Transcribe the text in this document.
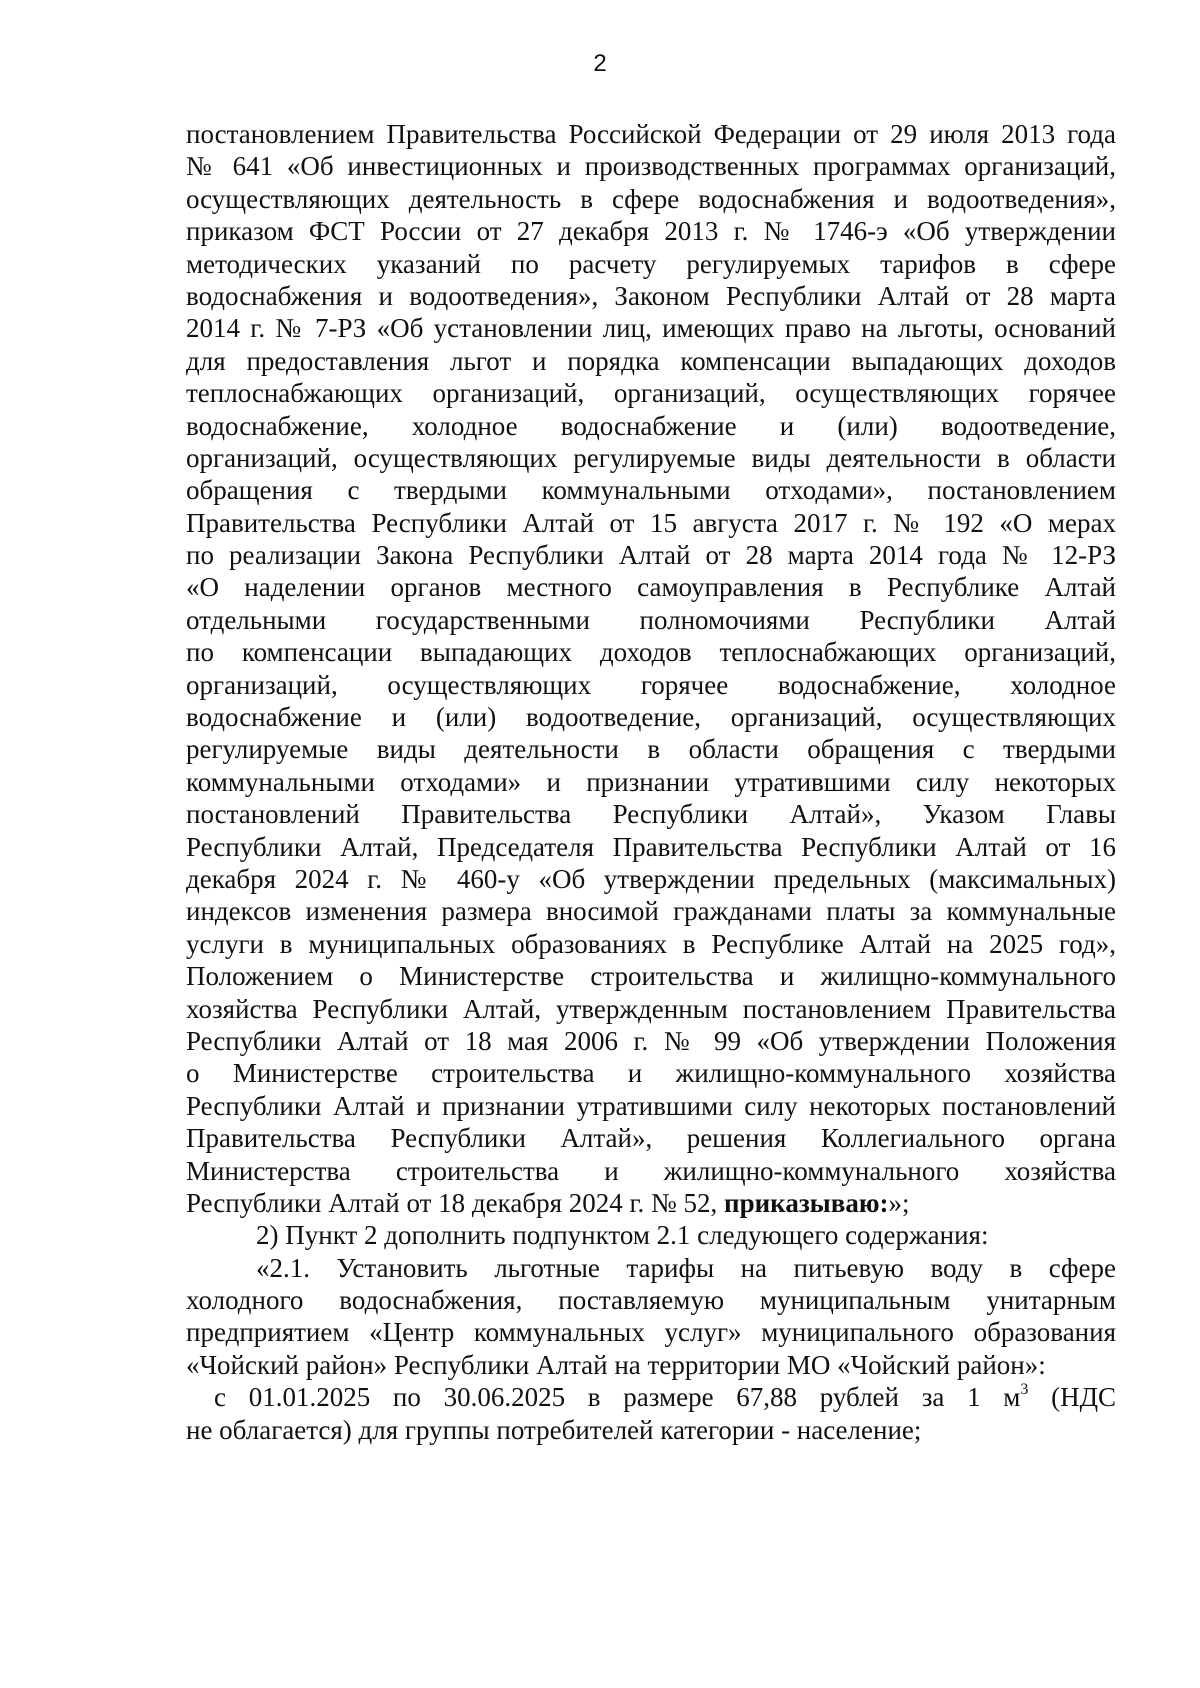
2
постановлением Правительства Российской Федерации от 29 июля 2013 года
№ 641 «Об инвестиционных и производственных программах организаций,
осуществляющих деятельность в сфере водоснабжения и водоотведения»,
приказом ФСТ России от 27 декабря 2013 г. № 1746-э «Об утверждении
методических указаний по расчету регулируемых тарифов в сфере
водоснабжения и водоотведения», Законом Республики Алтай от 28 марта
2014 г. № 7-РЗ «Об установлении лиц, имеющих право на льготы, оснований
для предоставления льгот и порядка компенсации выпадающих доходов
теплоснабжающих организаций, организаций, осуществляющих горячее
водоснабжение, холодное водоснабжение и (или) водоотведение,
организаций, осуществляющих регулируемые виды деятельности в области
обращения с твердыми коммунальными отходами», постановлением
Правительства Республики Алтай от 15 августа 2017 г. № 192 «О мерах
по реализации Закона Республики Алтай от 28 марта 2014 года № 12-РЗ
«О наделении органов местного самоуправления в Республике Алтай
отдельными государственными полномочиями Республики Алтай
по компенсации выпадающих доходов теплоснабжающих организаций,
организаций, осуществляющих горячее водоснабжение, холодное
водоснабжение и (или) водоотведение, организаций, осуществляющих
регулируемые виды деятельности в области обращения с твердыми
коммунальными отходами» и признании утратившими силу некоторых
постановлений Правительства Республики Алтай», Указом Главы
Республики Алтай, Председателя Правительства Республики Алтай от 16
декабря 2024 г. № 460-у «Об утверждении предельных (максимальных)
индексов изменения размера вносимой гражданами платы за коммунальные
услуги в муниципальных образованиях в Республике Алтай на 2025 год»,
Положением о Министерстве строительства и жилищно-коммунального
хозяйства Республики Алтай, утвержденным постановлением Правительства
Республики Алтай от 18 мая 2006 г. № 99 «Об утверждении Положения
о Министерстве строительства и жилищно-коммунального хозяйства
Республики Алтай и признании утратившими силу некоторых постановлений
Правительства Республики Алтай», решения Коллегиального органа
Министерства строительства и жилищно-коммунального хозяйства
Республики Алтай от 18 декабря 2024 г. № 52, приказываю:»;
2) Пункт 2 дополнить подпунктом 2.1 следующего содержания:
«2.1. Установить льготные тарифы на питьевую воду в сфере
холодного водоснабжения, поставляемую муниципальным унитарным
предприятием «Центр коммунальных услуг» муниципального образования
«Чойский район» Республики Алтай на территории МО «Чойский район»:
с 01.01.2025 по 30.06.2025 в размере 67,88 рублей за 1 $м^3$ (НДС
не облагается) для группы потребителей категории - население;
